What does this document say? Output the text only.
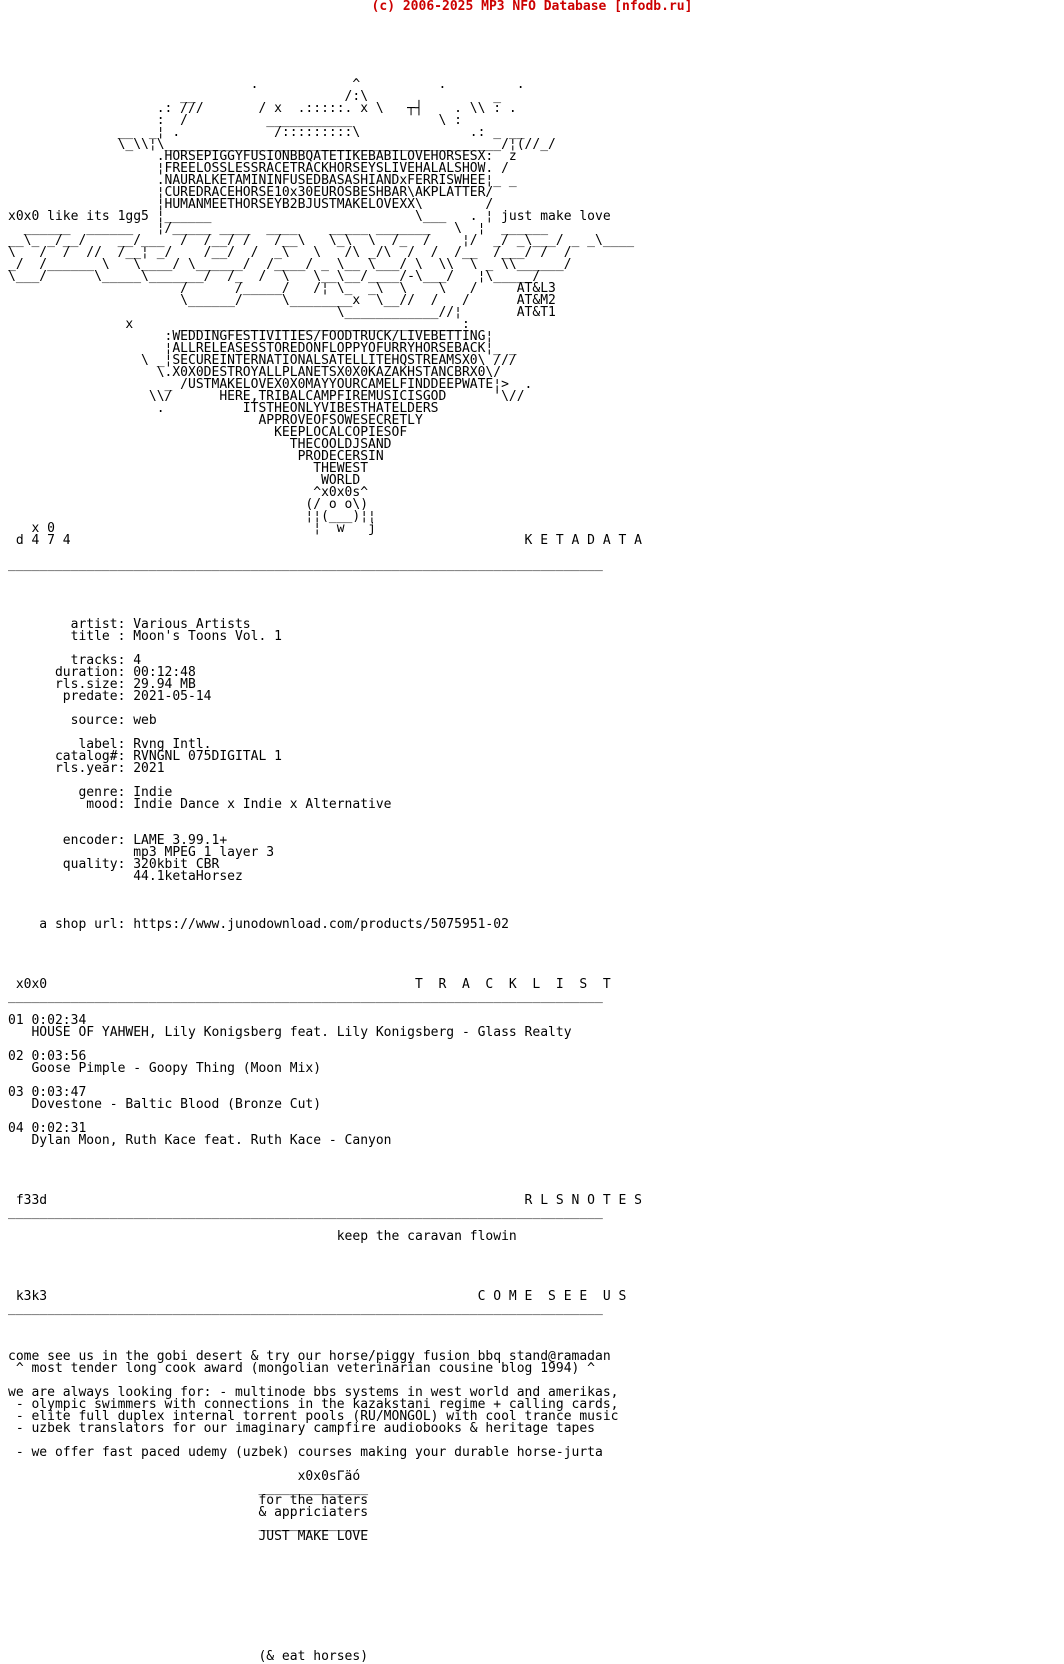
(c) 2006-2025 MP3 NFO Database [nfodb.ru]
.            ^          .         .
__                   /:\                _
.: ///       / x  .:::::. x \   ┬┤    . \\ : .
:  /          ___________           \ :
__  _¦ .            /:::::::::\              .: _ __
\_\\¦\___________________________________________/¦(//_/
.HORSEPIGGYFUSIONBBQATETIKEBABILOVEHORSESX:  z
¦FREELOSSLESSRACETRACKHORSEYSLIVEHALALSHOW. /
.NAURALKETAMININFUSEDBASASHIANDxFERRISWHEE¦_ _
¦CUREDRACEHORSE10x30EUROSBESHBAR\AKPLATTER/
¦HUMANMEETHORSEYB2BJUSTMAKELOVEXX\        /
x0x0 like its 1gg5 ¦______                          \___   . ¦ just make love
______  ______   ¦/_____ ____  ____    _____ _______   \  ¦  ______
__\_ _/__/    __/___  /  /__/ /   /__\   \_\  \  /_  /    ¦/  _/ _\___/ _ _\____
\   /  /  //  /__¦ _/    /__/  /  _\   \   /\ _/\  /  /  /__  /___/ /  /
_/  /______ \   \____/ \______/  /____/ _ \__ \___/ \  \\  \ _ \\______/
\___/      \_____\_______/  /_  /  \   \__\__/____/-\___/   ¦\_____/
/      /_____/   /¦ \_  _\  \    \   /     AT&L3
\______/     \________x  \__//  /   /      AT&M2
\____________//¦       AT&T1
x      ____________________________________:
:WEDDINGFESTIVITIES/FOODTRUCK/LIVEBETTING¦
¦ALLRELEASESSTOREDONFLOPPYOFURRYHORSEBACK¦_ _
\ _¦SECUREINTERNATIONALSATELLITEHQSTREAMSX0\ ///
\.X0X0DESTROYALLPLANETSX0X0KAZAKHSTANCBRX0\/
_ /USTMAKELOVEX0X0MAYYOURCAMELFINDDEEPWATE¦>  .
\\/      HERE,TRIBALCAMPFIREMUSICISGOD      '\//
.          ITSTHEONLYVIBESTHATELDERS
APPROVEOFSOWESECRETLY
KEEPLOCALCOPIESOF
THECOOLDJSAND
PRODECERSIN
THEWEST
WORLD
^x0x0s^
(/ o o\)
¦¦(___)¦¦
x 0                                 ¦  w   j
d 4 7 4                                                          K E T A D A T A

____________________________________________________________________________

artist: Various Artists
title : Moon's Toons Vol. 1

tracks: 4
duration: 00:12:48
rls.size: 29.94 MB
predate: 2021-05-14

source: web

label: Rvng Intl.
catalog#: RVNGNL 075DIGITAL 1
rls.year: 2021

genre: Indie
mood: Indie Dance x Indie x Alternative

encoder: LAME 3.99.1+
mp3 MPEG 1 layer 3
quality: 320kbit CBR
44.1ketaHorsez

a shop url: https://www.junodownload.com/products/5075951-02

x0x0                                               T  R  A  C  K  L  I  S  T
____________________________________________________________________________

01 0:02:34
HOUSE OF YAHWEH, Lily Konigsberg feat. Lily Konigsberg - Glass Realty

02 0:03:56
Goose Pimple - Goopy Thing (Moon Mix)

03 0:03:47
Dovestone - Baltic Blood (Bronze Cut)

04 0:02:31
Dylan Moon, Ruth Kace feat. Ruth Kace - Canyon

f33d                                                             R L S N O T E S
____________________________________________________________________________

keep the caravan flowin

k3k3                                                       C O M E  S E E  U S
____________________________________________________________________________

come see us in the gobi desert & try our horse/piggy fusion bbq stand@ramadan
^ most tender long cook award (mongolian veterinarian cousine blog 1994) ^

we are always looking for: - multinode bbs systems in west world and amerikas,
- olympic swimmers with connections in the kazakstani regime + calling cards,
- elite full duplex internal torrent pools (RU/MONGOL) with cool trance music
- uzbek translators for our imaginary campfire audiobooks & heritage tapes

- we offer fast paced udemy (uzbek) courses making your durable horse-jurta

x0x0sΓäó
______________
for the haters
& appriciaters
______________
JUST MAKE LOVE

(& eat horses)
